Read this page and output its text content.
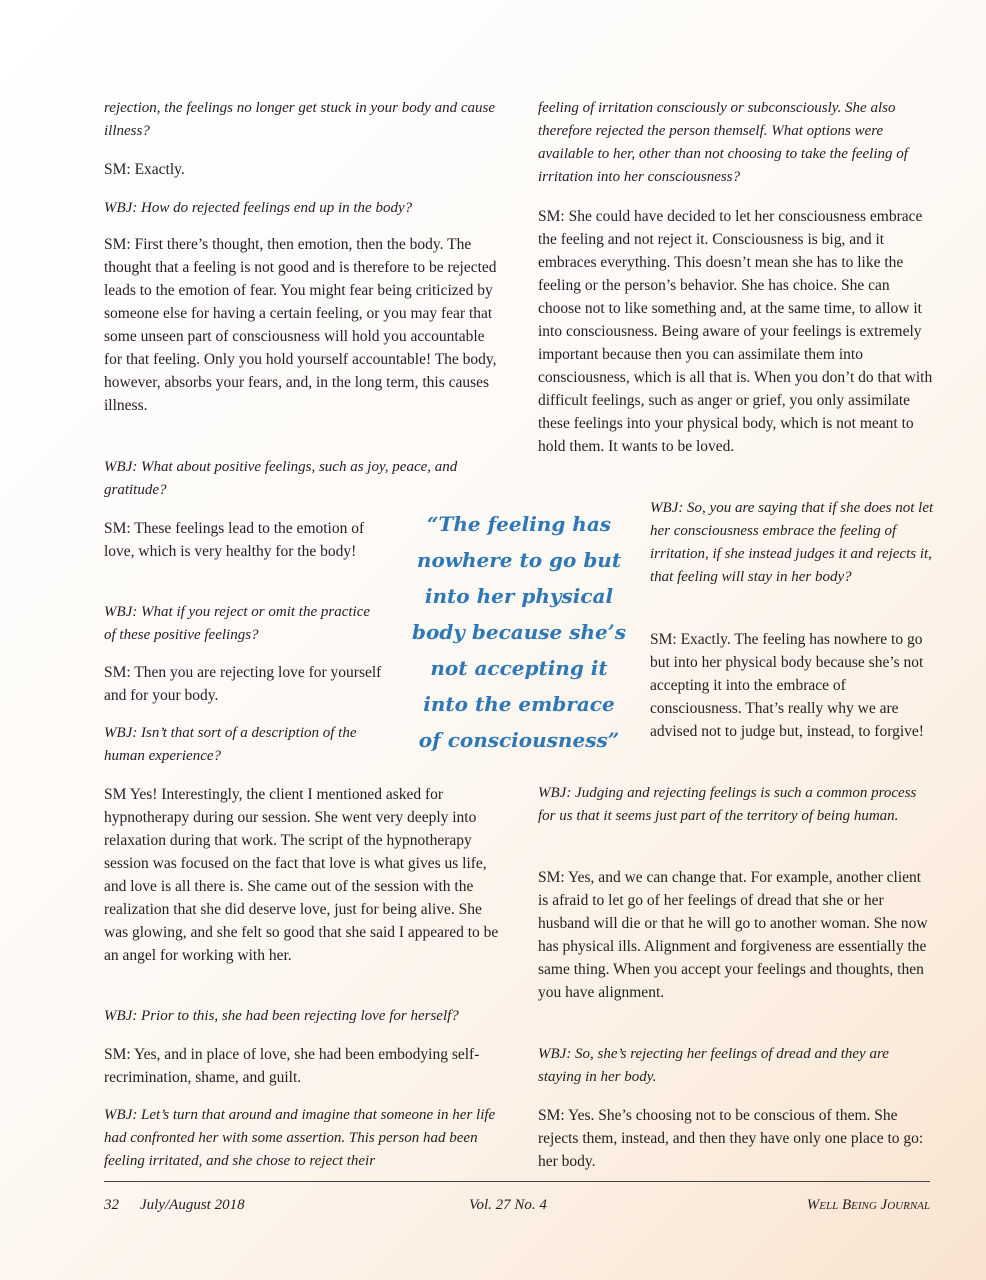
rejection, the feelings no longer get stuck in your body and cause illness?

SM: Exactly.

WBJ: How do rejected feelings end up in the body?

SM: First there’s thought, then emotion, then the body. The thought that a feeling is not good and is therefore to be rejected leads to the emotion of fear. You might fear being criticized by someone else for having a certain feeling, or you may fear that some unseen part of consciousness will hold you accountable for that feeling. Only you hold yourself accountable! The body, however, absorbs your fears, and, in the long term, this causes illness.

WBJ: What about positive feelings, such as joy, peace, and gratitude?

SM: These feelings lead to the emotion of love, which is very healthy for the body!

WBJ: What if you reject or omit the practice of these positive feelings?

SM: Then you are rejecting love for yourself and for your body.

WBJ: Isn’t that sort of a description of the human experience?

SM Yes! Interestingly, the client I mentioned asked for hypnotherapy during our session. She went very deeply into relaxation during that work. The script of the hypnotherapy session was focused on the fact that love is what gives us life, and love is all there is. She came out of the session with the realization that she did deserve love, just for being alive. She was glowing, and she felt so good that she said I appeared to be an angel for working with her.

WBJ: Prior to this, she had been rejecting love for herself?

SM: Yes, and in place of love, she had been embodying self-recrimination, shame, and guilt.

WBJ: Let’s turn that around and imagine that someone in her life had confronted her with some assertion. This person had been feeling irritated, and she chose to reject their

“The feeling has nowhere to go but into her physical body because she’s not accepting it into the embrace of consciousness”

feeling of irritation consciously or subconsciously. She also therefore rejected the person themself. What options were available to her, other than not choosing to take the feeling of irritation into her consciousness?

SM: She could have decided to let her consciousness embrace the feeling and not reject it. Consciousness is big, and it embraces everything. This doesn’t mean she has to like the feeling or the person’s behavior. She has choice. She can choose not to like something and, at the same time, to allow it into consciousness. Being aware of your feelings is extremely important because then you can assimilate them into consciousness, which is all that is. When you don’t do that with difficult feelings, such as anger or grief, you only assimilate these feelings into your physical body, which is not meant to hold them. It wants to be loved.

WBJ: So, you are saying that if she does not let her consciousness embrace the feeling of irritation, if she instead judges it and rejects it, that feeling will stay in her body?

SM: Exactly. The feeling has nowhere to go but into her physical body because she’s not accepting it into the embrace of consciousness. That’s really why we are advised not to judge but, instead, to forgive!

WBJ: Judging and rejecting feelings is such a common process for us that it seems just part of the territory of being human.

SM: Yes, and we can change that. For example, another client is afraid to let go of her feelings of dread that she or her husband will die or that he will go to another woman. She now has physical ills. Alignment and forgiveness are essentially the same thing. When you accept your feelings and thoughts, then you have alignment.

WBJ: So, she’s rejecting her feelings of dread and they are staying in her body.

SM: Yes. She’s choosing not to be conscious of them. She rejects them, instead, and then they have only one place to go: her body.

32 July/August 2018	Vol. 27 No. 4	Well Being Journal
